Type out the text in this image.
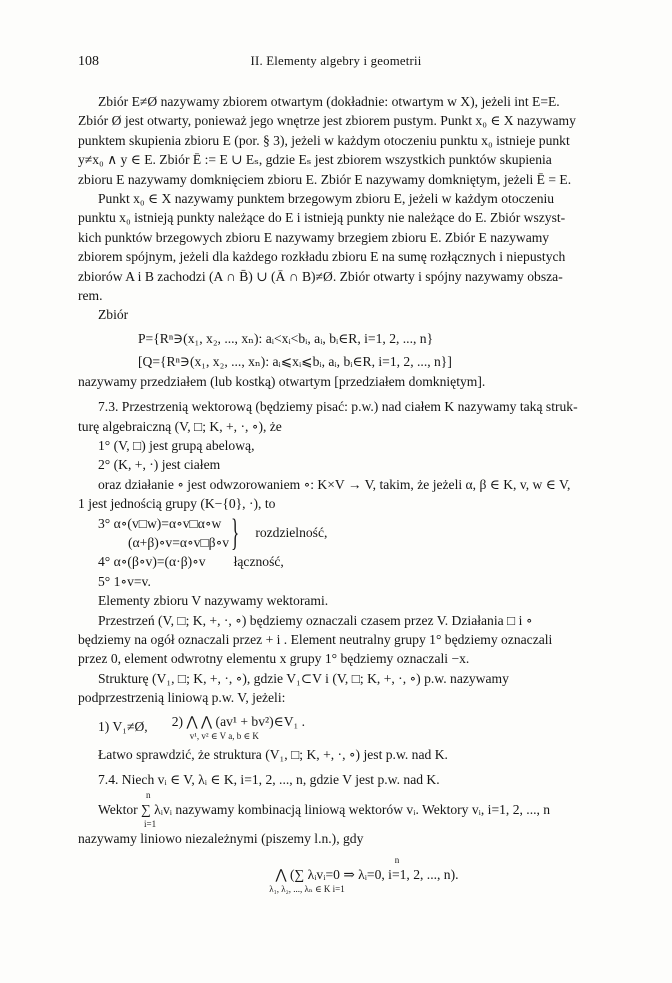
108	II. Elementy algebry i geometrii

Zbiór E≠Ø nazywamy zbiorem otwartym (dokładnie: otwartym w X), jeżeli int E=E.

Zbiór Ø jest otwarty, ponieważ jego wnętrze jest zbiorem pustym. Punkt x₀ ∈ X nazywamy

punktem skupienia zbioru E (por. § 3), jeżeli w każdym otoczeniu punktu x₀ istnieje punkt

y≠x₀ ∧ y ∈ E. Zbiór Ē := E ∪ Eₛ, gdzie Eₛ jest zbiorem wszystkich punktów skupienia

zbioru E nazywamy domknięciem zbioru E. Zbiór E nazywamy domkniętym, jeżeli Ē = E.

Punkt x₀ ∈ X nazywamy punktem brzegowym zbioru E, jeżeli w każdym otoczeniu

punktu x₀ istnieją punkty należące do E i istnieją punkty nie należące do E. Zbiór wszyst-

kich punktów brzegowych zbioru E nazywamy brzegiem zbioru E. Zbiór E nazywamy

zbiorem spójnym, jeżeli dla każdego rozkładu zbioru E na sumę rozłącznych i niepustych

zbiorów A i B zachodzi (A ∩ B̄) ∪ (Ā ∩ B)≠Ø. Zbiór otwarty i spójny nazywamy obsza-

rem.

Zbiór

P={Rⁿ∋(x₁, x₂, ..., xₙ): aᵢ<xᵢ<bᵢ, aᵢ, bᵢ∈R, i=1, 2, ..., n}

[Q={Rⁿ∋(x₁, x₂, ..., xₙ): aᵢ⩽xᵢ⩽bᵢ, aᵢ, bᵢ∈R, i=1, 2, ..., n}]

nazywamy przedziałem (lub kostką) otwartym [przedziałem domkniętym].

7.3. Przestrzenią wektorową (będziemy pisać: p.w.) nad ciałem K nazywamy taką struk-

turę algebraiczną (V, □; K, +, ·, ∘), że

1° (V, □) jest grupą abelową,

2° (K, +, ·) jest ciałem

oraz działanie ∘ jest odwzorowaniem ∘: K×V → V, takim, że jeżeli α, β ∈ K, v, w ∈ V,

1 jest jednością grupy (K−{0}, ·), to

3° α∘(v□w)=α∘v□α∘w

(α+β)∘v=α∘v□β∘v } rozdzielność,
4° α∘(β∘v)=(α·β)∘v łączność,

5° 1∘v=v.

Elementy zbioru V nazywamy wektorami.

Przestrzeń (V, □; K, +, ·, ∘) będziemy oznaczali czasem przez V. Działania □ i ∘

będziemy na ogół oznaczali przez + i . Element neutralny grupy 1° będziemy oznaczali

przez 0, element odwrotny elementu x grupy 1° będziemy oznaczali −x.

Strukturę (V₁, □; K, +, ·, ∘), gdzie V₁⊂V i (V, □; K, +, ·, ∘) p.w. nazywamy

podprzestrzenią liniową p.w. V, jeżeli:

1) V₁≠Ø, 2) ⋀ ⋀ (av¹ + bv²)∈V₁ .
v¹, v² ∈ V a, b ∈ K

Łatwo sprawdzić, że struktura (V₁, □; K, +, ·, ∘) jest p.w. nad K.

7.4. Niech vᵢ ∈ V, λᵢ ∈ K, i=1, 2, ..., n, gdzie V jest p.w. nad K.

n

Wektor ∑ λᵢvᵢ nazywamy kombinacją liniową wektorów vᵢ. Wektory vᵢ, i=1, 2, ..., n

i=1

nazywamy liniowo niezależnymi (piszemy l.n.), gdy

n

⋀ (∑ λᵢvᵢ=0 ⇒ λᵢ=0, i=1, 2, ..., n).

λ₁, λ₂, ..., λₙ ∈ K i=1
